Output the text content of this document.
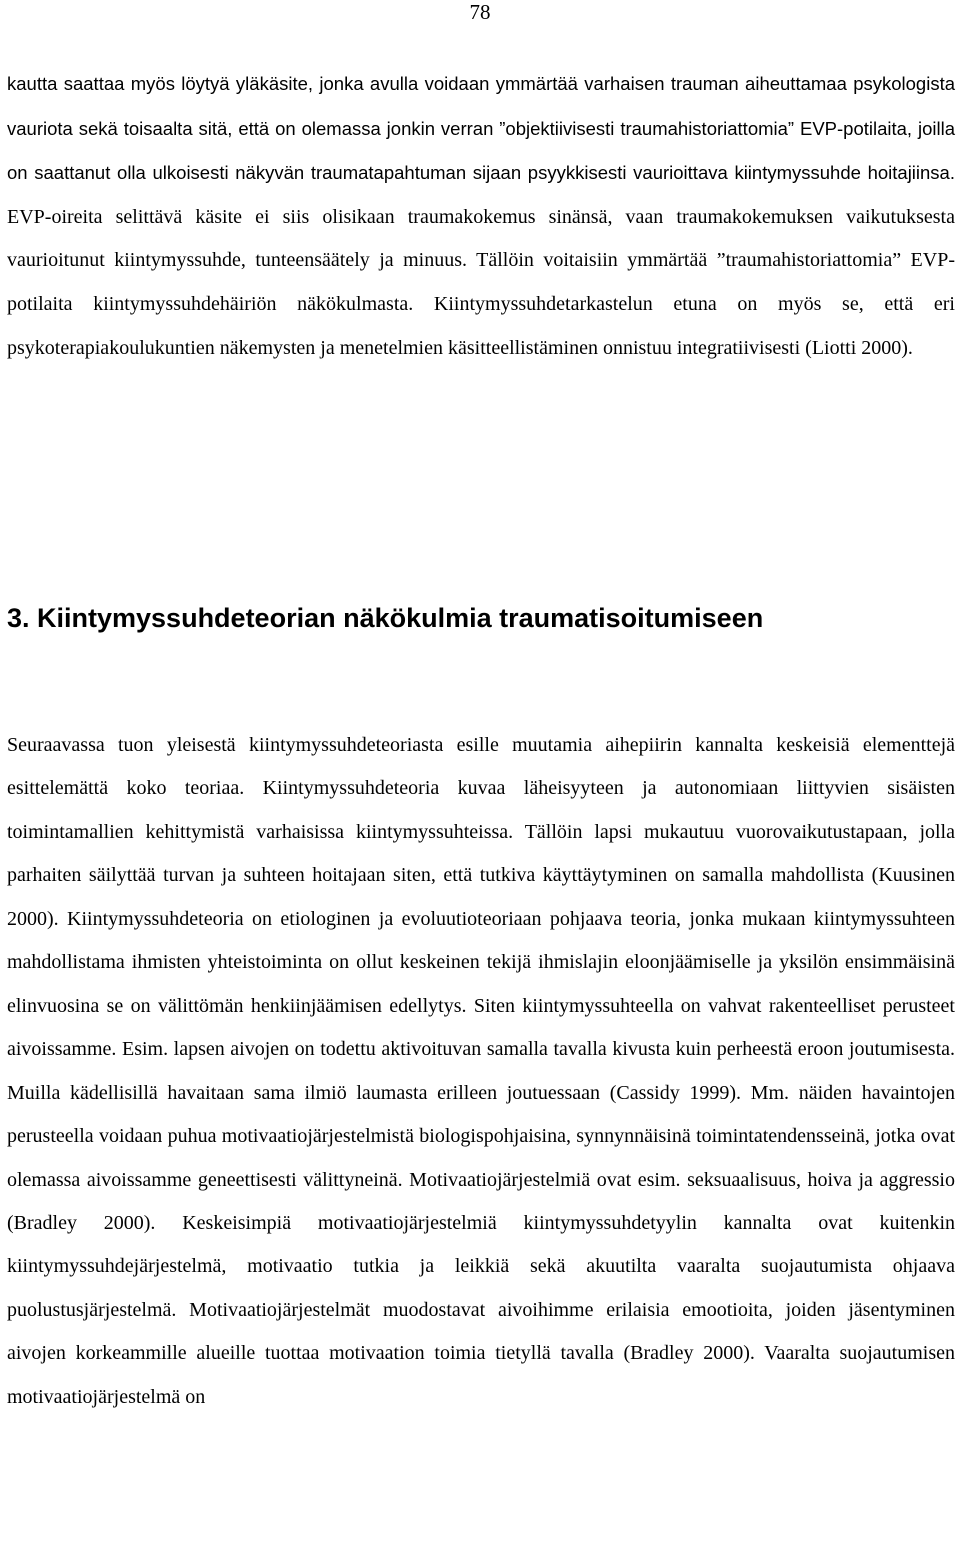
78

kautta saattaa myös löytyä yläkäsite, jonka avulla voidaan ymmärtää varhaisen trauman aiheuttamaa psykologista vauriota sekä toisaalta sitä, että on olemassa jonkin verran ”objektiivisesti traumahistoriattomia” EVP-potilaita, joilla on saattanut olla ulkoisesti näkyvän traumatapahtuman sijaan psyykkisesti vaurioittava kiintymyssuhde hoitajiinsa. EVP-oireita selittävä käsite ei siis olisikaan traumakokemus sinänsä, vaan traumakokemuksen vaikutuksesta vaurioitunut kiintymyssuhde, tunteensäätely ja minuus. Tällöin voitaisiin ymmärtää ”traumahistoriattomia” EVP-potilaita kiintymyssuhdehäiriön näkökulmasta. Kiintymyssuhdetarkastelun etuna on myös se, että eri psykoterapiakoulukuntien näkemysten ja menetelmien käsitteellistäminen onnistuu integratiivisesti (Liotti 2000).

3. Kiintymyssuhdeteorian näkökulmia traumatisoitumiseen

Seuraavassa tuon yleisestä kiintymyssuhdeteoriasta esille muutamia aihepiirin kannalta keskeisiä elementtejä esittelemättä koko teoriaa. Kiintymyssuhdeteoria kuvaa läheisyyteen ja autonomiaan liittyvien sisäisten toimintamallien kehittymistä varhaisissa kiintymyssuhteissa. Tällöin lapsi mukautuu vuorovaikutustapaan, jolla parhaiten säilyttää turvan ja suhteen hoitajaan siten, että tutkiva käyttäytyminen on samalla mahdollista (Kuusinen 2000). Kiintymyssuhdeteoria on etiologinen ja evoluutioteoriaan pohjaava teoria, jonka mukaan kiintymyssuhteen mahdollistama ihmisten yhteistoiminta on ollut keskeinen tekijä ihmislajin eloonjäämiselle ja yksilön ensimmäisinä elinvuosina se on välittömän henkiinjäämisen edellytys. Siten kiintymyssuhteella on vahvat rakenteelliset perusteet aivoissamme. Esim. lapsen aivojen on todettu aktivoituvan samalla tavalla kivusta kuin perheestä eroon joutumisesta. Muilla kädellisillä havaitaan sama ilmiö laumasta erilleen joutuessaan (Cassidy 1999). Mm. näiden havaintojen perusteella voidaan puhua motivaatiojärjestelmistä biologispohjaisina, synnynnäisinä toimintatendensseinä, jotka ovat olemassa aivoissamme geneettisesti välittyneinä. Motivaatiojärjestelmiä ovat esim. seksuaalisuus, hoiva ja aggressio (Bradley 2000). Keskeisimpiä motivaatiojärjestelmiä kiintymyssuhdetyylin kannalta ovat kuitenkin kiintymyssuhdejärjestelmä, motivaatio tutkia ja leikkiä sekä akuutilta vaaralta suojautumista ohjaava puolustusjärjestelmä. Motivaatiojärjestelmät muodostavat aivoihimme erilaisia emootioita, joiden jäsentyminen aivojen korkeammille alueille tuottaa motivaation toimia tietyllä tavalla (Bradley 2000). Vaaralta suojautumisen motivaatiojärjestelmä on
